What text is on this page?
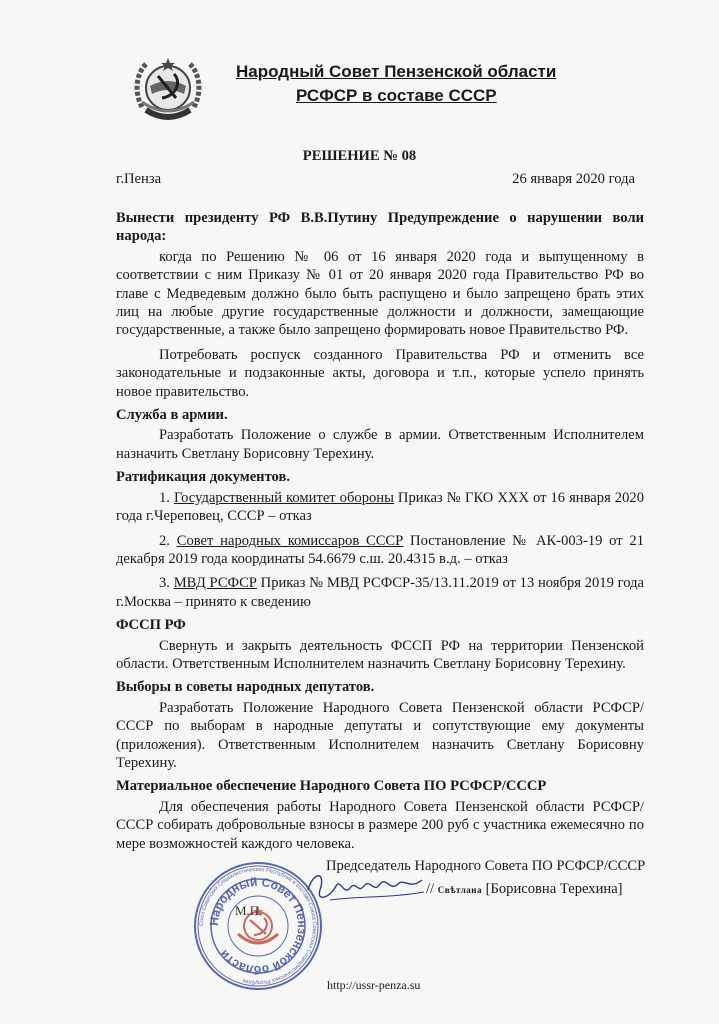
Народный Совет Пензенской области
РСФСР в составе СССР
РЕШЕНИЕ № 08
г.Пенза	26 января 2020 года

Вынести президенту РФ В.В.Путину Предупреждение о нарушении воли народа:

когда по Решению № 06 от 16 января 2020 года и выпущенному в соответствии с ним Приказу № 01 от 20 января 2020 года Правительство РФ во главе с Медведевым должно было быть распущено и было запрещено брать этих лиц на любые другие государственные должности и должности, замещающие государственные, а также было запрещено формировать новое Правительство РФ.

Потребовать роспуск созданного Правительства РФ и отменить все законодательные и подзаконные акты, договора и т.п., которые успело принять новое правительство.

Служба в армии.

Разработать Положение о службе в армии. Ответственным Исполнителем назначить Светлану Борисовну Терехину.

Ратификация документов.

1. Государственный комитет обороны Приказ № ГКО ХХХ от 16 января 2020 года г.Череповец, СССР – отказ

2. Совет народных комиссаров СССР Постановление № АК-003-19 от 21 декабря 2019 года координаты 54.6679 с.ш. 20.4315 в.д. – отказ

3. МВД РСФСР Приказ № МВД РСФСР-35/13.11.2019 от 13 ноября 2019 года г.Москва – принято к сведению

ФССП РФ

Свернуть и закрыть деятельность ФССП РФ на территории Пензенской области. Ответственным Исполнителем назначить Светлану Борисовну Терехину.

Выборы в советы народных депутатов.

Разработать Положение Народного Совета Пензенской области РСФСР/СССР по выборам в народные депутаты и сопутствующие ему документы (приложения). Ответственным Исполнителем назначить Светлану Борисовну Терехину.

Материальное обеспечение Народного Совета ПО РСФСР/СССР

Для обеспечения работы Народного Совета Пензенской области РСФСР/СССР собирать добровольные взносы в размере 200 руб с участника ежемесячно по мере возможностей каждого человека.

Союз Советских Социалистических Республик в составе Союза Советских Социалистических Республик
Народный Совет Пензенской области
М.П.
Председатель Народного Совета ПО РСФСР/СССР
// Свѣтлана [Борисовна Терехина]
http://ussr-penza.su
